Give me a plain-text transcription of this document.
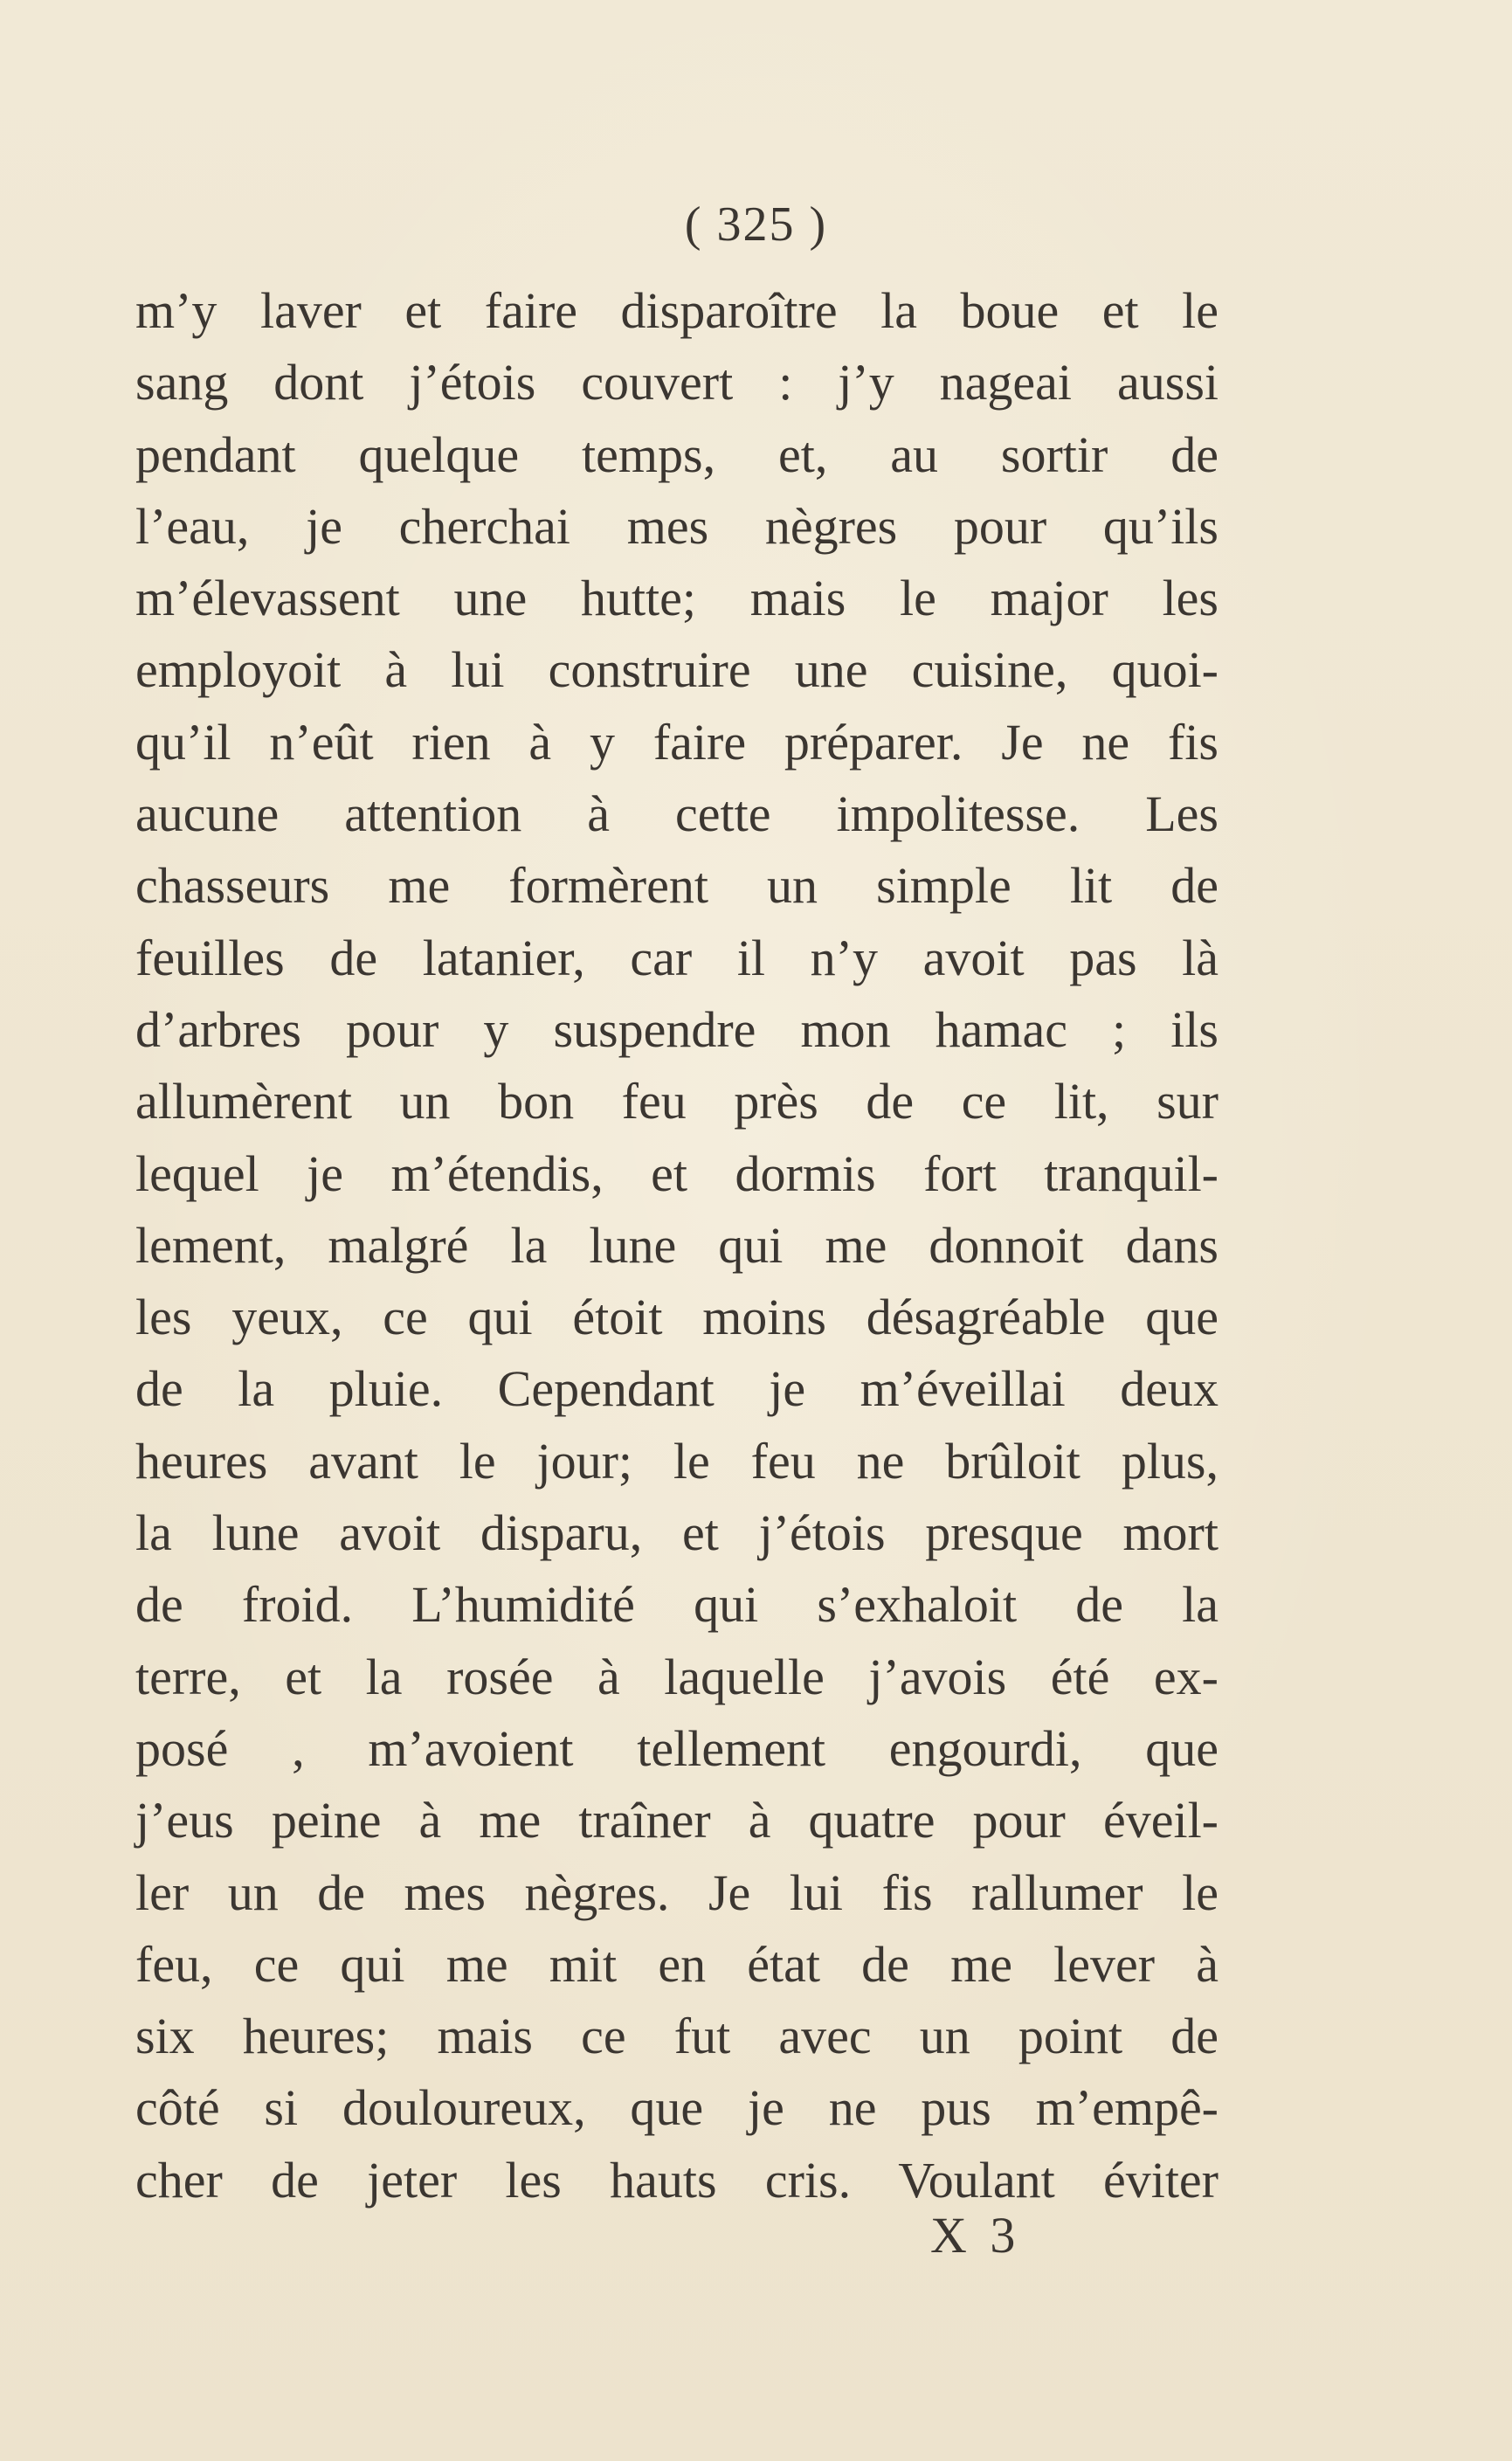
( 325 )
m’y laver et faire disparoître la boue et le
sang dont j’étois couvert : j’y nageai aussi
pendant quelque temps, et, au sortir de
l’eau, je cherchai mes nègres pour qu’ils
m’élevassent une hutte; mais le major les
employoit à lui construire une cuisine, quoi-
qu’il n’eût rien à y faire préparer. Je ne fis
aucune attention à cette impolitesse. Les
chasseurs me formèrent un simple lit de
feuilles de latanier, car il n’y avoit pas là
d’arbres pour y suspendre mon hamac ; ils
allumèrent un bon feu près de ce lit, sur
lequel je m’étendis, et dormis fort tranquil-
lement, malgré la lune qui me donnoit dans
les yeux, ce qui étoit moins désagréable que
de la pluie. Cependant je m’éveillai deux
heures avant le jour; le feu ne brûloit plus,
la lune avoit disparu, et j’étois presque mort
de froid. L’humidité qui s’exhaloit de la
terre, et la rosée à laquelle j’avois été ex-
posé , m’avoient tellement engourdi, que
j’eus peine à me traîner à quatre pour éveil-
ler un de mes nègres. Je lui fis rallumer le
feu, ce qui me mit en état de me lever à
six heures; mais ce fut avec un point de
côté si douloureux, que je ne pus m’empê-
cher de jeter les hauts cris. Voulant éviter
X 3
